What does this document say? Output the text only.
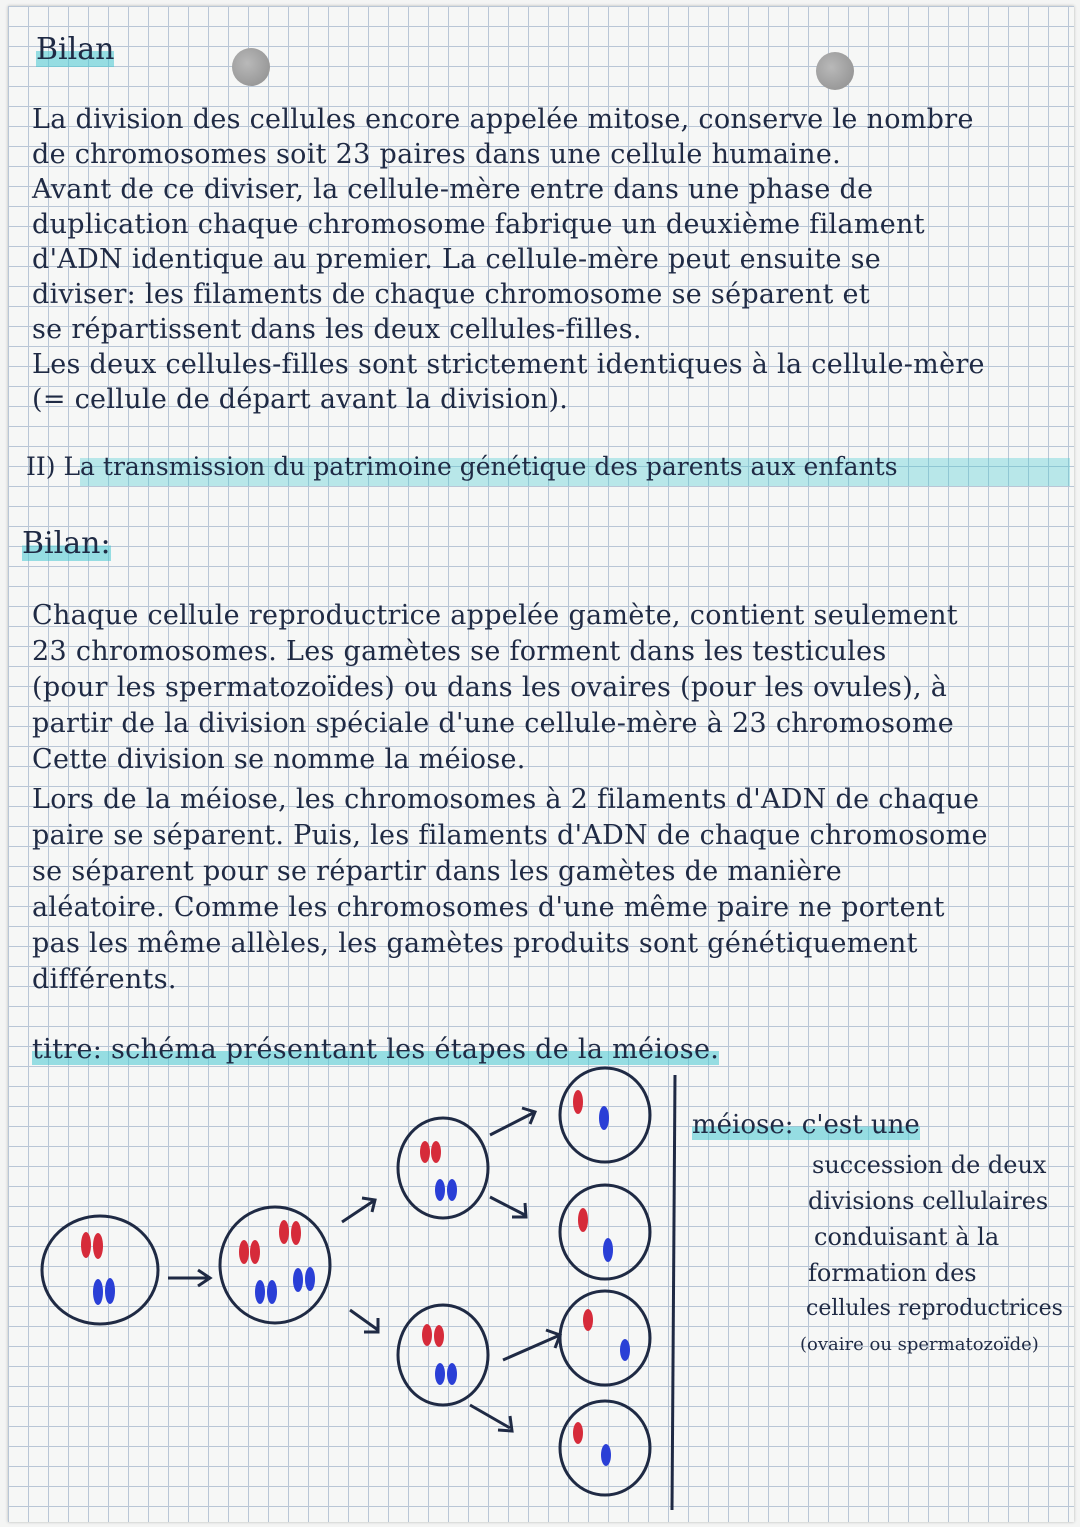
Bilan
La division des cellules encore appelée mitose, conserve le nombre
de chromosomes soit 23 paires dans une cellule humaine.
Avant de ce diviser, la cellule-mère entre dans une phase de
duplication chaque chromosome fabrique un deuxième filament
d'ADN identique au premier. La cellule-mère peut ensuite se
diviser: les filaments de chaque chromosome se séparent et
se répartissent dans les deux cellules-filles.
Les deux cellules-filles sont strictement identiques à la cellule-mère
(= cellule de départ avant la division).
II) La transmission du patrimoine génétique des parents aux enfants
Bilan:
Chaque cellule reproductrice appelée gamète, contient seulement
23 chromosomes. Les gamètes se forment dans les testicules
(pour les spermatozoïdes) ou dans les ovaires (pour les ovules), à
partir de la division spéciale d'une cellule-mère à 23 chromosome
Cette division se nomme la méiose.
Lors de la méiose, les chromosomes à 2 filaments d'ADN de chaque
paire se séparent. Puis, les filaments d'ADN de chaque chromosome
se séparent pour se répartir dans les gamètes de manière
aléatoire. Comme les chromosomes d'une même paire ne portent
pas les même allèles, les gamètes produits sont génétiquement
différents.
titre: schéma présentant les étapes de la méiose.
méiose: c'est une
succession de deux
divisions cellulaires
conduisant à la
formation des
cellules reproductrices
(ovaire ou spermatozoïde)
